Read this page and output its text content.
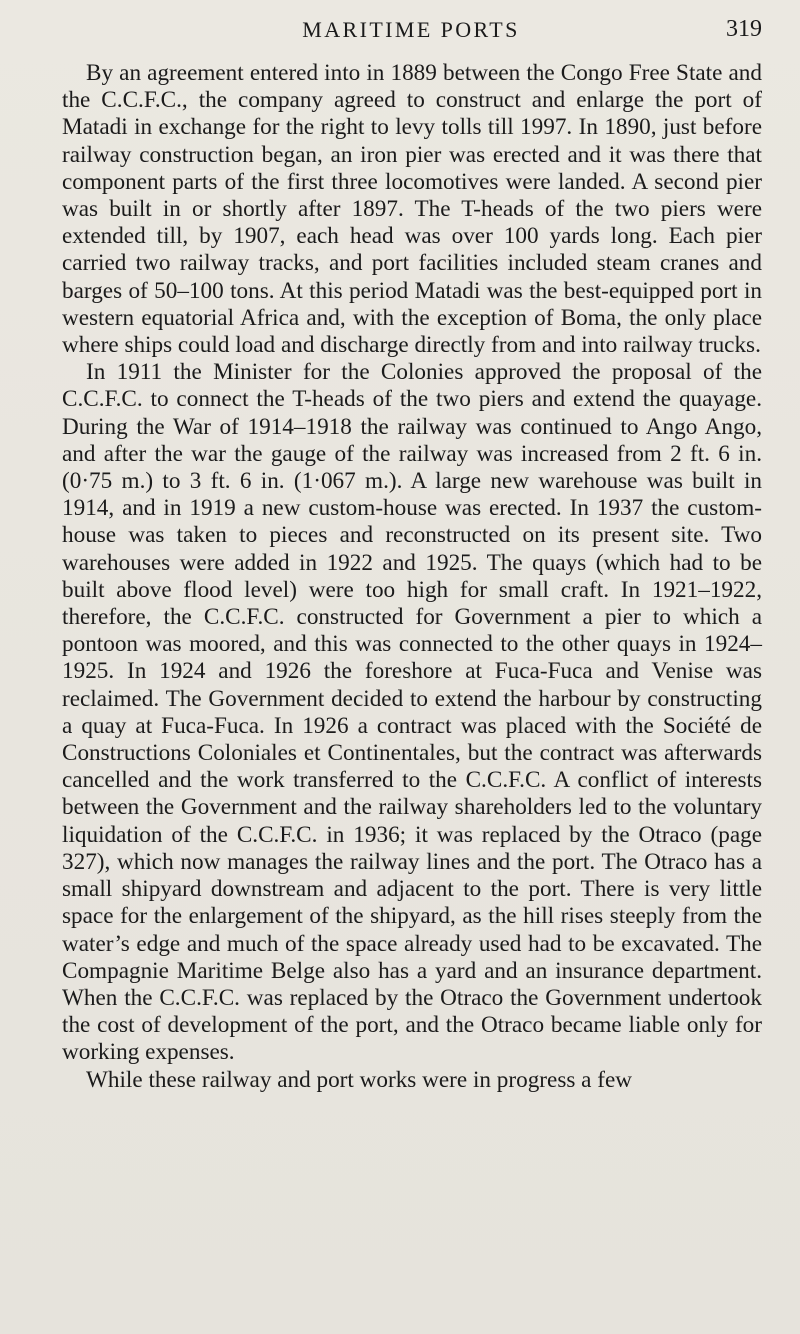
MARITIME PORTS	319

By an agreement entered into in 1889 between the Congo Free State and the C.C.F.C., the company agreed to construct and enlarge the port of Matadi in exchange for the right to levy tolls till 1997. In 1890, just before railway construction began, an iron pier was erected and it was there that component parts of the first three locomotives were landed. A second pier was built in or shortly after 1897. The T-heads of the two piers were extended till, by 1907, each head was over 100 yards long. Each pier carried two railway tracks, and port facilities included steam cranes and barges of 50–100 tons. At this period Matadi was the best-equipped port in western equatorial Africa and, with the exception of Boma, the only place where ships could load and discharge directly from and into railway trucks.

In 1911 the Minister for the Colonies approved the proposal of the C.C.F.C. to connect the T-heads of the two piers and extend the quayage. During the War of 1914–1918 the railway was continued to Ango Ango, and after the war the gauge of the railway was increased from 2 ft. 6 in. (0·75 m.) to 3 ft. 6 in. (1·067 m.). A large new warehouse was built in 1914, and in 1919 a new custom-house was erected. In 1937 the custom-house was taken to pieces and reconstructed on its present site. Two warehouses were added in 1922 and 1925. The quays (which had to be built above flood level) were too high for small craft. In 1921–1922, therefore, the C.C.F.C. constructed for Government a pier to which a pontoon was moored, and this was connected to the other quays in 1924–1925. In 1924 and 1926 the foreshore at Fuca-Fuca and Venise was reclaimed. The Government decided to extend the harbour by constructing a quay at Fuca-Fuca. In 1926 a contract was placed with the Société de Constructions Coloniales et Continentales, but the contract was afterwards cancelled and the work transferred to the C.C.F.C. A conflict of interests between the Government and the railway shareholders led to the voluntary liquidation of the C.C.F.C. in 1936; it was replaced by the Otraco (page 327), which now manages the railway lines and the port. The Otraco has a small shipyard downstream and adjacent to the port. There is very little space for the enlargement of the shipyard, as the hill rises steeply from the water’s edge and much of the space already used had to be excavated. The Compagnie Maritime Belge also has a yard and an insurance department. When the C.C.F.C. was replaced by the Otraco the Government undertook the cost of development of the port, and the Otraco became liable only for working expenses.

While these railway and port works were in progress a few
